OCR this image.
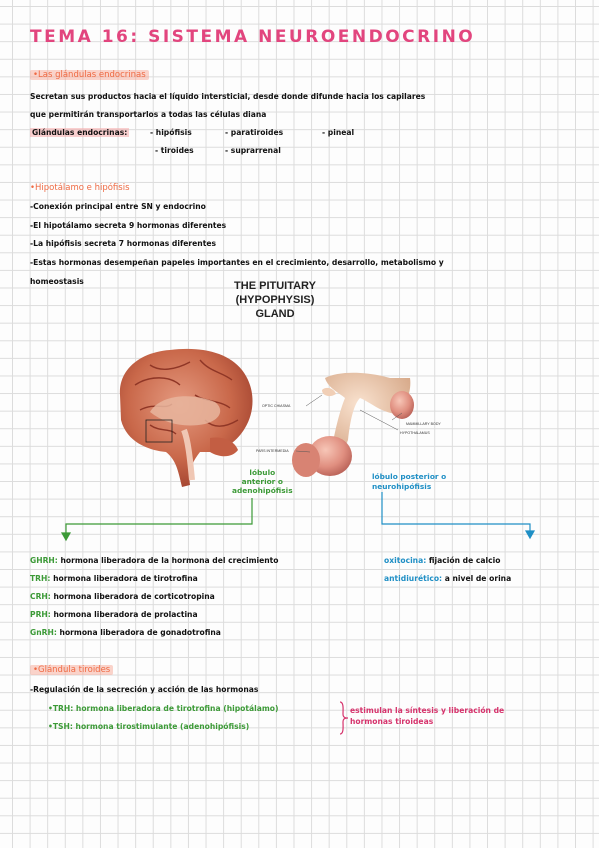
TEMA 16: SISTEMA NEUROENDOCRINO
•Las glándulas endocrinas
Secretan sus productos hacia el líquido intersticial, desde donde difunde hacia los capilares
que permitirán transportarlos a todas las células diana
Glándulas endocrinas:	- hipófisis	- paratiroides	- pineal
- tiroides	- suprarrenal
•Hipotálamo e hipófisis
-Conexión principal entre SN y endocrino
-El hipotálamo secreta 9 hormonas diferentes
-La hipófisis secreta 7 hormonas diferentes
-Estas hormonas desempeñan papeles importantes en el crecimiento, desarrollo, metabolismo y
homeostasis	THE PITUITARY
(HYPOPHYSIS)
GLAND
OPTIC CHIASMA
MAMMILLARY BODY
HYPOTHALAMUS
PARS INTERMEDIA
lóbulo
anterior o
adenohipófisis
lóbulo posterior o
neurohipófisis
GHRH: hormona liberadora de la hormona del crecimiento
TRH: hormona liberadora de tirotrofina
CRH: hormona liberadora de corticotropina
PRH: hormona liberadora de prolactina
GnRH: hormona liberadora de gonadotrofina
oxitocina: fijación de calcio
antidiurético: a nivel de orina
•Glándula tiroides
-Regulación de la secreción y acción de las hormonas
•TRH: hormona liberadora de tirotrofina (hipotálamo)
•TSH: hormona tirostimulante (adenohipófisis)
estimulan la síntesis y liberación de
hormonas tiroideas
